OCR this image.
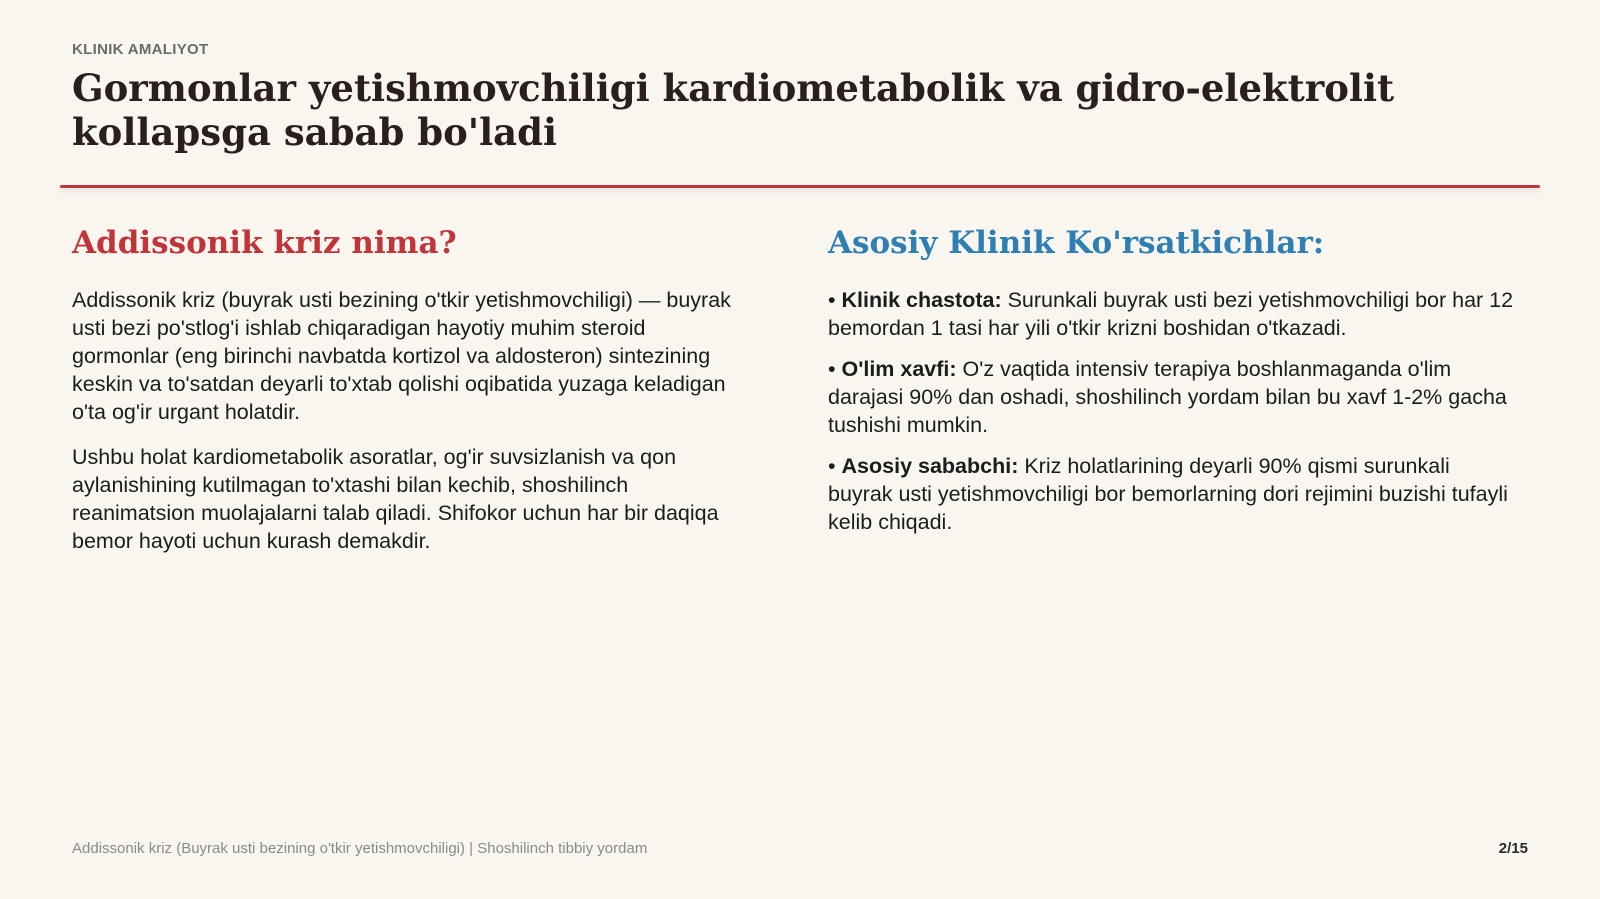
KLINIK AMALIYOT
Gormonlar yetishmovchiligi kardiometabolik va gidro-elektrolit kollapsga sabab bo'ladi
Addissonik kriz nima?

Addissonik kriz (buyrak usti bezining o'tkir yetishmovchiligi) — buyrak usti bezi po'stlog'i ishlab chiqaradigan hayotiy muhim steroid gormonlar (eng birinchi navbatda kortizol va aldosteron) sintezining keskin va to'satdan deyarli to'xtab qolishi oqibatida yuzaga keladigan o'ta og'ir urgant holatdir.

Ushbu holat kardiometabolik asoratlar, og'ir suvsizlanish va qon aylanishining kutilmagan to'xtashi bilan kechib, shoshilinch reanimatsion muolajalarni talab qiladi. Shifokor uchun har bir daqiqa bemor hayoti uchun kurash demakdir.

Asosiy Klinik Ko'rsatkichlar:
• Klinik chastota: Surunkali buyrak usti bezi yetishmovchiligi bor har 12 bemordan 1 tasi har yili o'tkir krizni boshidan o'tkazadi.
• O'lim xavfi: O'z vaqtida intensiv terapiya boshlanmaganda o'lim darajasi 90% dan oshadi, shoshilinch yordam bilan bu xavf 1-2% gacha tushishi mumkin.
• Asosiy sababchi: Kriz holatlarining deyarli 90% qismi surunkali buyrak usti yetishmovchiligi bor bemorlarning dori rejimini buzishi tufayli kelib chiqadi.
Addissonik kriz (Buyrak usti bezining o'tkir yetishmovchiligi) | Shoshilinch tibbiy yordam	2/15
